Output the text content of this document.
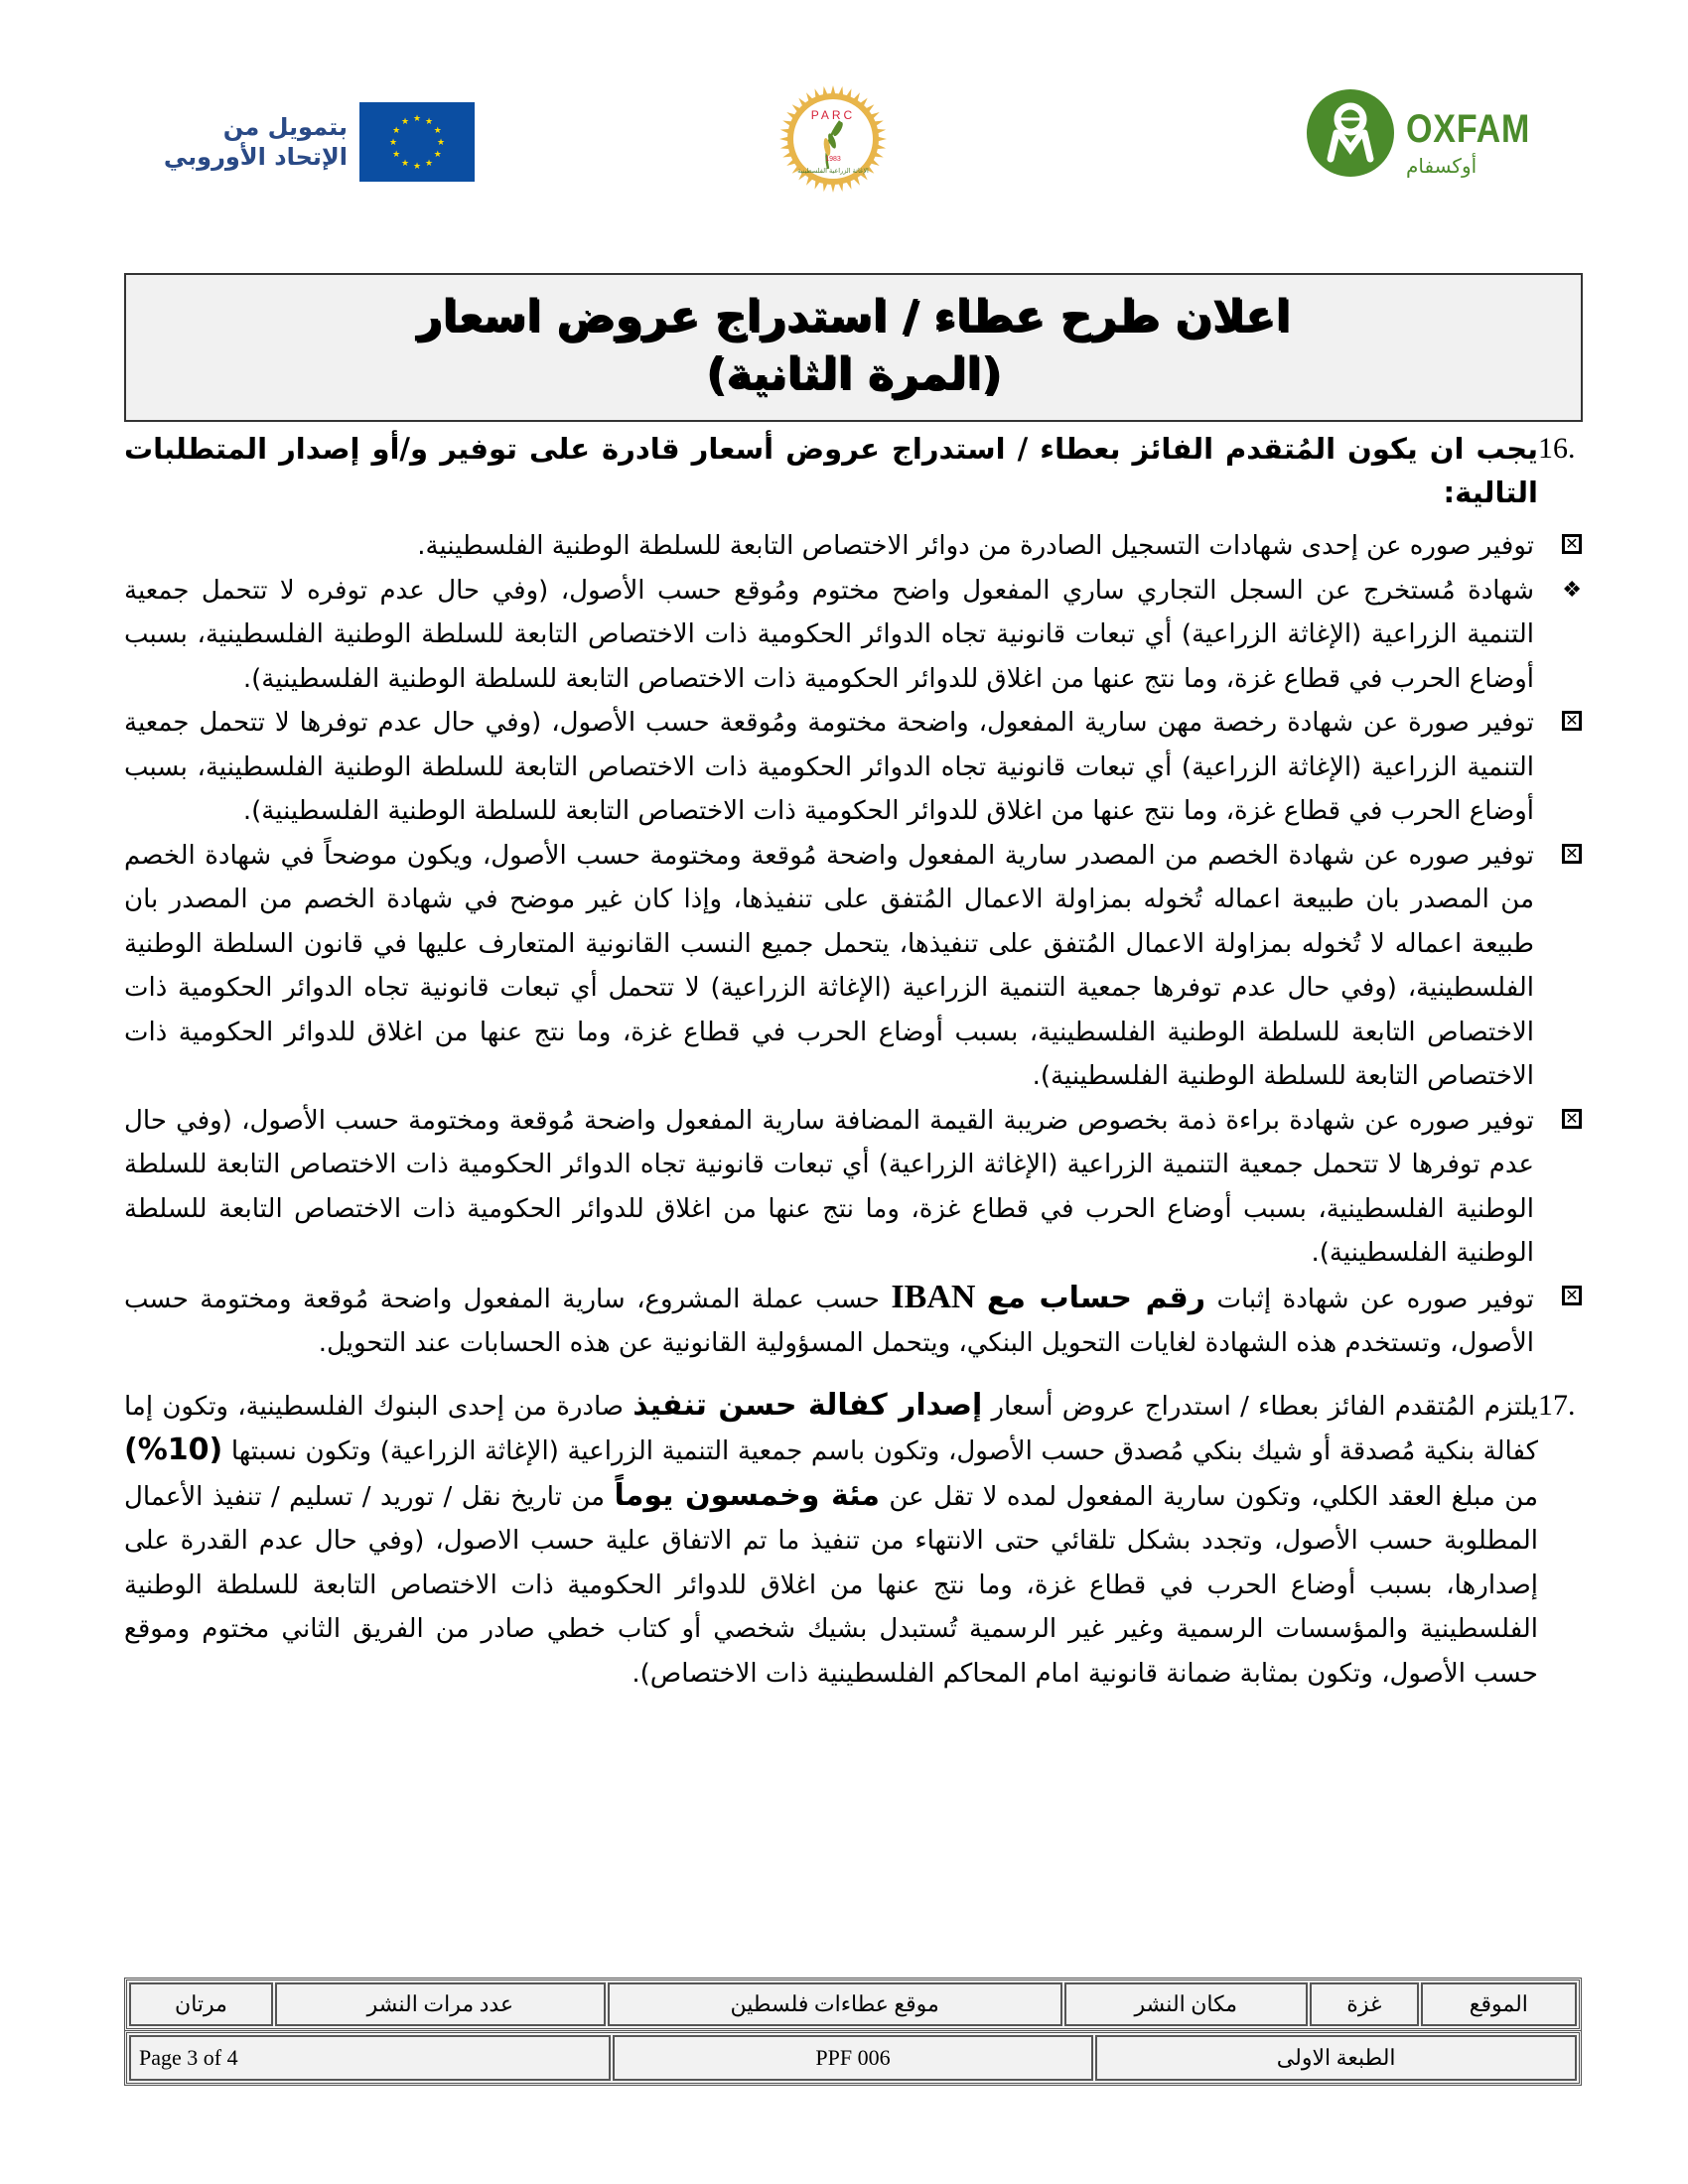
بتمويل من
الإتحاد الأوروبي
★ ★
★
★
★
★
★
★
★
★
★
★
PARC
1983
الإغاثة الزراعية الفلسطينية
OXFAM
أوكسفام
اعلان طرح عطاء / استدراج عروض اسعار
(المرة الثانية)
16.
يجب ان يكون المُتقدم الفائز بعطاء / استدراج عروض أسعار قادرة على توفير و/أو إصدار المتطلبات التالية:
✕
توفير صوره عن إحدى شهادات التسجيل الصادرة من دوائر الاختصاص التابعة للسلطة الوطنية الفلسطينية.
❖
شهادة مُستخرج عن السجل التجاري ساري المفعول واضح مختوم ومُوقع حسب الأصول، (وفي حال عدم توفره لا تتحمل جمعية التنمية الزراعية (الإغاثة الزراعية) أي تبعات قانونية تجاه الدوائر الحكومية ذات الاختصاص التابعة للسلطة الوطنية الفلسطينية، بسبب أوضاع الحرب في قطاع غزة، وما نتج عنها من اغلاق للدوائر الحكومية ذات الاختصاص التابعة للسلطة الوطنية الفلسطينية).
✕
توفير صورة عن شهادة رخصة مهن سارية المفعول، واضحة مختومة ومُوقعة حسب الأصول، (وفي حال عدم توفرها لا تتحمل جمعية التنمية الزراعية (الإغاثة الزراعية) أي تبعات قانونية تجاه الدوائر الحكومية ذات الاختصاص التابعة للسلطة الوطنية الفلسطينية، بسبب أوضاع الحرب في قطاع غزة، وما نتج عنها من اغلاق للدوائر الحكومية ذات الاختصاص التابعة للسلطة الوطنية الفلسطينية).
✕
توفير صوره عن شهادة الخصم من المصدر سارية المفعول واضحة مُوقعة ومختومة حسب الأصول، ويكون موضحاً في شهادة الخصم من المصدر بان طبيعة اعماله تُخوله بمزاولة الاعمال المُتفق على تنفيذها، وإذا كان غير موضح في شهادة الخصم من المصدر بان طبيعة اعماله لا تُخوله بمزاولة الاعمال المُتفق على تنفيذها، يتحمل جميع النسب القانونية المتعارف عليها في قانون السلطة الوطنية الفلسطينية، (وفي حال عدم توفرها جمعية التنمية الزراعية (الإغاثة الزراعية) لا تتحمل أي تبعات قانونية تجاه الدوائر الحكومية ذات الاختصاص التابعة للسلطة الوطنية الفلسطينية، بسبب أوضاع الحرب في قطاع غزة، وما نتج عنها من اغلاق للدوائر الحكومية ذات الاختصاص التابعة للسلطة الوطنية الفلسطينية).
✕
توفير صوره عن شهادة براءة ذمة بخصوص ضريبة القيمة المضافة سارية المفعول واضحة مُوقعة ومختومة حسب الأصول، (وفي حال عدم توفرها لا تتحمل جمعية التنمية الزراعية (الإغاثة الزراعية) أي تبعات قانونية تجاه الدوائر الحكومية ذات الاختصاص التابعة للسلطة الوطنية الفلسطينية، بسبب أوضاع الحرب في قطاع غزة، وما نتج عنها من اغلاق للدوائر الحكومية ذات الاختصاص التابعة للسلطة الوطنية الفلسطينية).
✕
توفير صوره عن شهادة إثبات رقم حساب مع IBAN حسب عملة المشروع، سارية المفعول واضحة مُوقعة ومختومة حسب الأصول، وتستخدم هذه الشهادة لغايات التحويل البنكي، ويتحمل المسؤولية القانونية عن هذه الحسابات عند التحويل.
17.
يلتزم المُتقدم الفائز بعطاء / استدراج عروض أسعار إصدار كفالة حسن تنفيذ صادرة من إحدى البنوك الفلسطينية، وتكون إما كفالة بنكية مُصدقة أو شيك بنكي مُصدق حسب الأصول، وتكون باسم جمعية التنمية الزراعية (الإغاثة الزراعية) وتكون نسبتها (10%) من مبلغ العقد الكلي، وتكون سارية المفعول لمده لا تقل عن مئة وخمسون يوماً من تاريخ نقل / توريد / تسليم / تنفيذ الأعمال المطلوبة حسب الأصول، وتجدد بشكل تلقائي حتى الانتهاء من تنفيذ ما تم الاتفاق علية حسب الاصول، (وفي حال عدم القدرة على إصدارها، بسبب أوضاع الحرب في قطاع غزة، وما نتج عنها من اغلاق للدوائر الحكومية ذات الاختصاص التابعة للسلطة الوطنية الفلسطينية والمؤسسات الرسمية وغير غير الرسمية تُستبدل بشيك شخصي أو كتاب خطي صادر من الفريق الثاني مختوم وموقع حسب الأصول، وتكون بمثابة ضمانة قانونية امام المحاكم الفلسطينية ذات الاختصاص).
الموقع	غزة	مكان النشر	موقع عطاءات فلسطين	عدد مرات النشر	مرتان
الطبعة الاولى	PPF 006	Page 3 of 4
